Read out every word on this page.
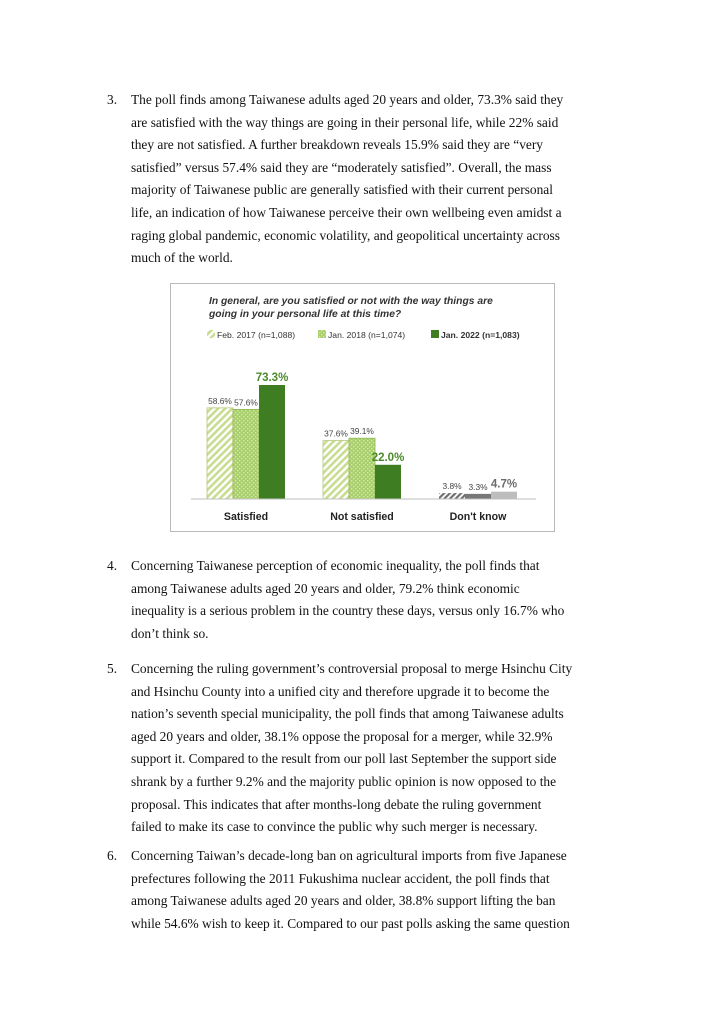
3. The poll finds among Taiwanese adults aged 20 years and older, 73.3% said they
are satisfied with the way things are going in their personal life, while 22% said
they are not satisfied. A further breakdown reveals 15.9% said they are “very
satisfied” versus 57.4% said they are “moderately satisfied”. Overall, the mass
majority of Taiwanese public are generally satisfied with their current personal
life, an indication of how Taiwanese perceive their own wellbeing even amidst a
raging global pandemic, economic volatility, and geopolitical uncertainty across
much of the world.
In general, are you satisfied or not with the way things are
going in your personal life at this time?
Feb. 2017 (n=1,088)	Jan. 2018 (n=1,074)	Jan. 2022 (n=1,083)
58.6% 57.6%
73.3%
37.6% 39.1%
22.0%
3.8% 3.3% 4.7%
Satisfied	Not satisfied	Don't know
4. Concerning Taiwanese perception of economic inequality, the poll finds that
among Taiwanese adults aged 20 years and older, 79.2% think economic
inequality is a serious problem in the country these days, versus only 16.7% who
don’t think so.
5. Concerning the ruling government’s controversial proposal to merge Hsinchu City
and Hsinchu County into a unified city and therefore upgrade it to become the
nation’s seventh special municipality, the poll finds that among Taiwanese adults
aged 20 years and older, 38.1% oppose the proposal for a merger, while 32.9%
support it. Compared to the result from our poll last September the support side
shrank by a further 9.2% and the majority public opinion is now opposed to the
proposal. This indicates that after months-long debate the ruling government
failed to make its case to convince the public why such merger is necessary.
6. Concerning Taiwan’s decade-long ban on agricultural imports from five Japanese
prefectures following the 2011 Fukushima nuclear accident, the poll finds that
among Taiwanese adults aged 20 years and older, 38.8% support lifting the ban
while 54.6% wish to keep it. Compared to our past polls asking the same question
